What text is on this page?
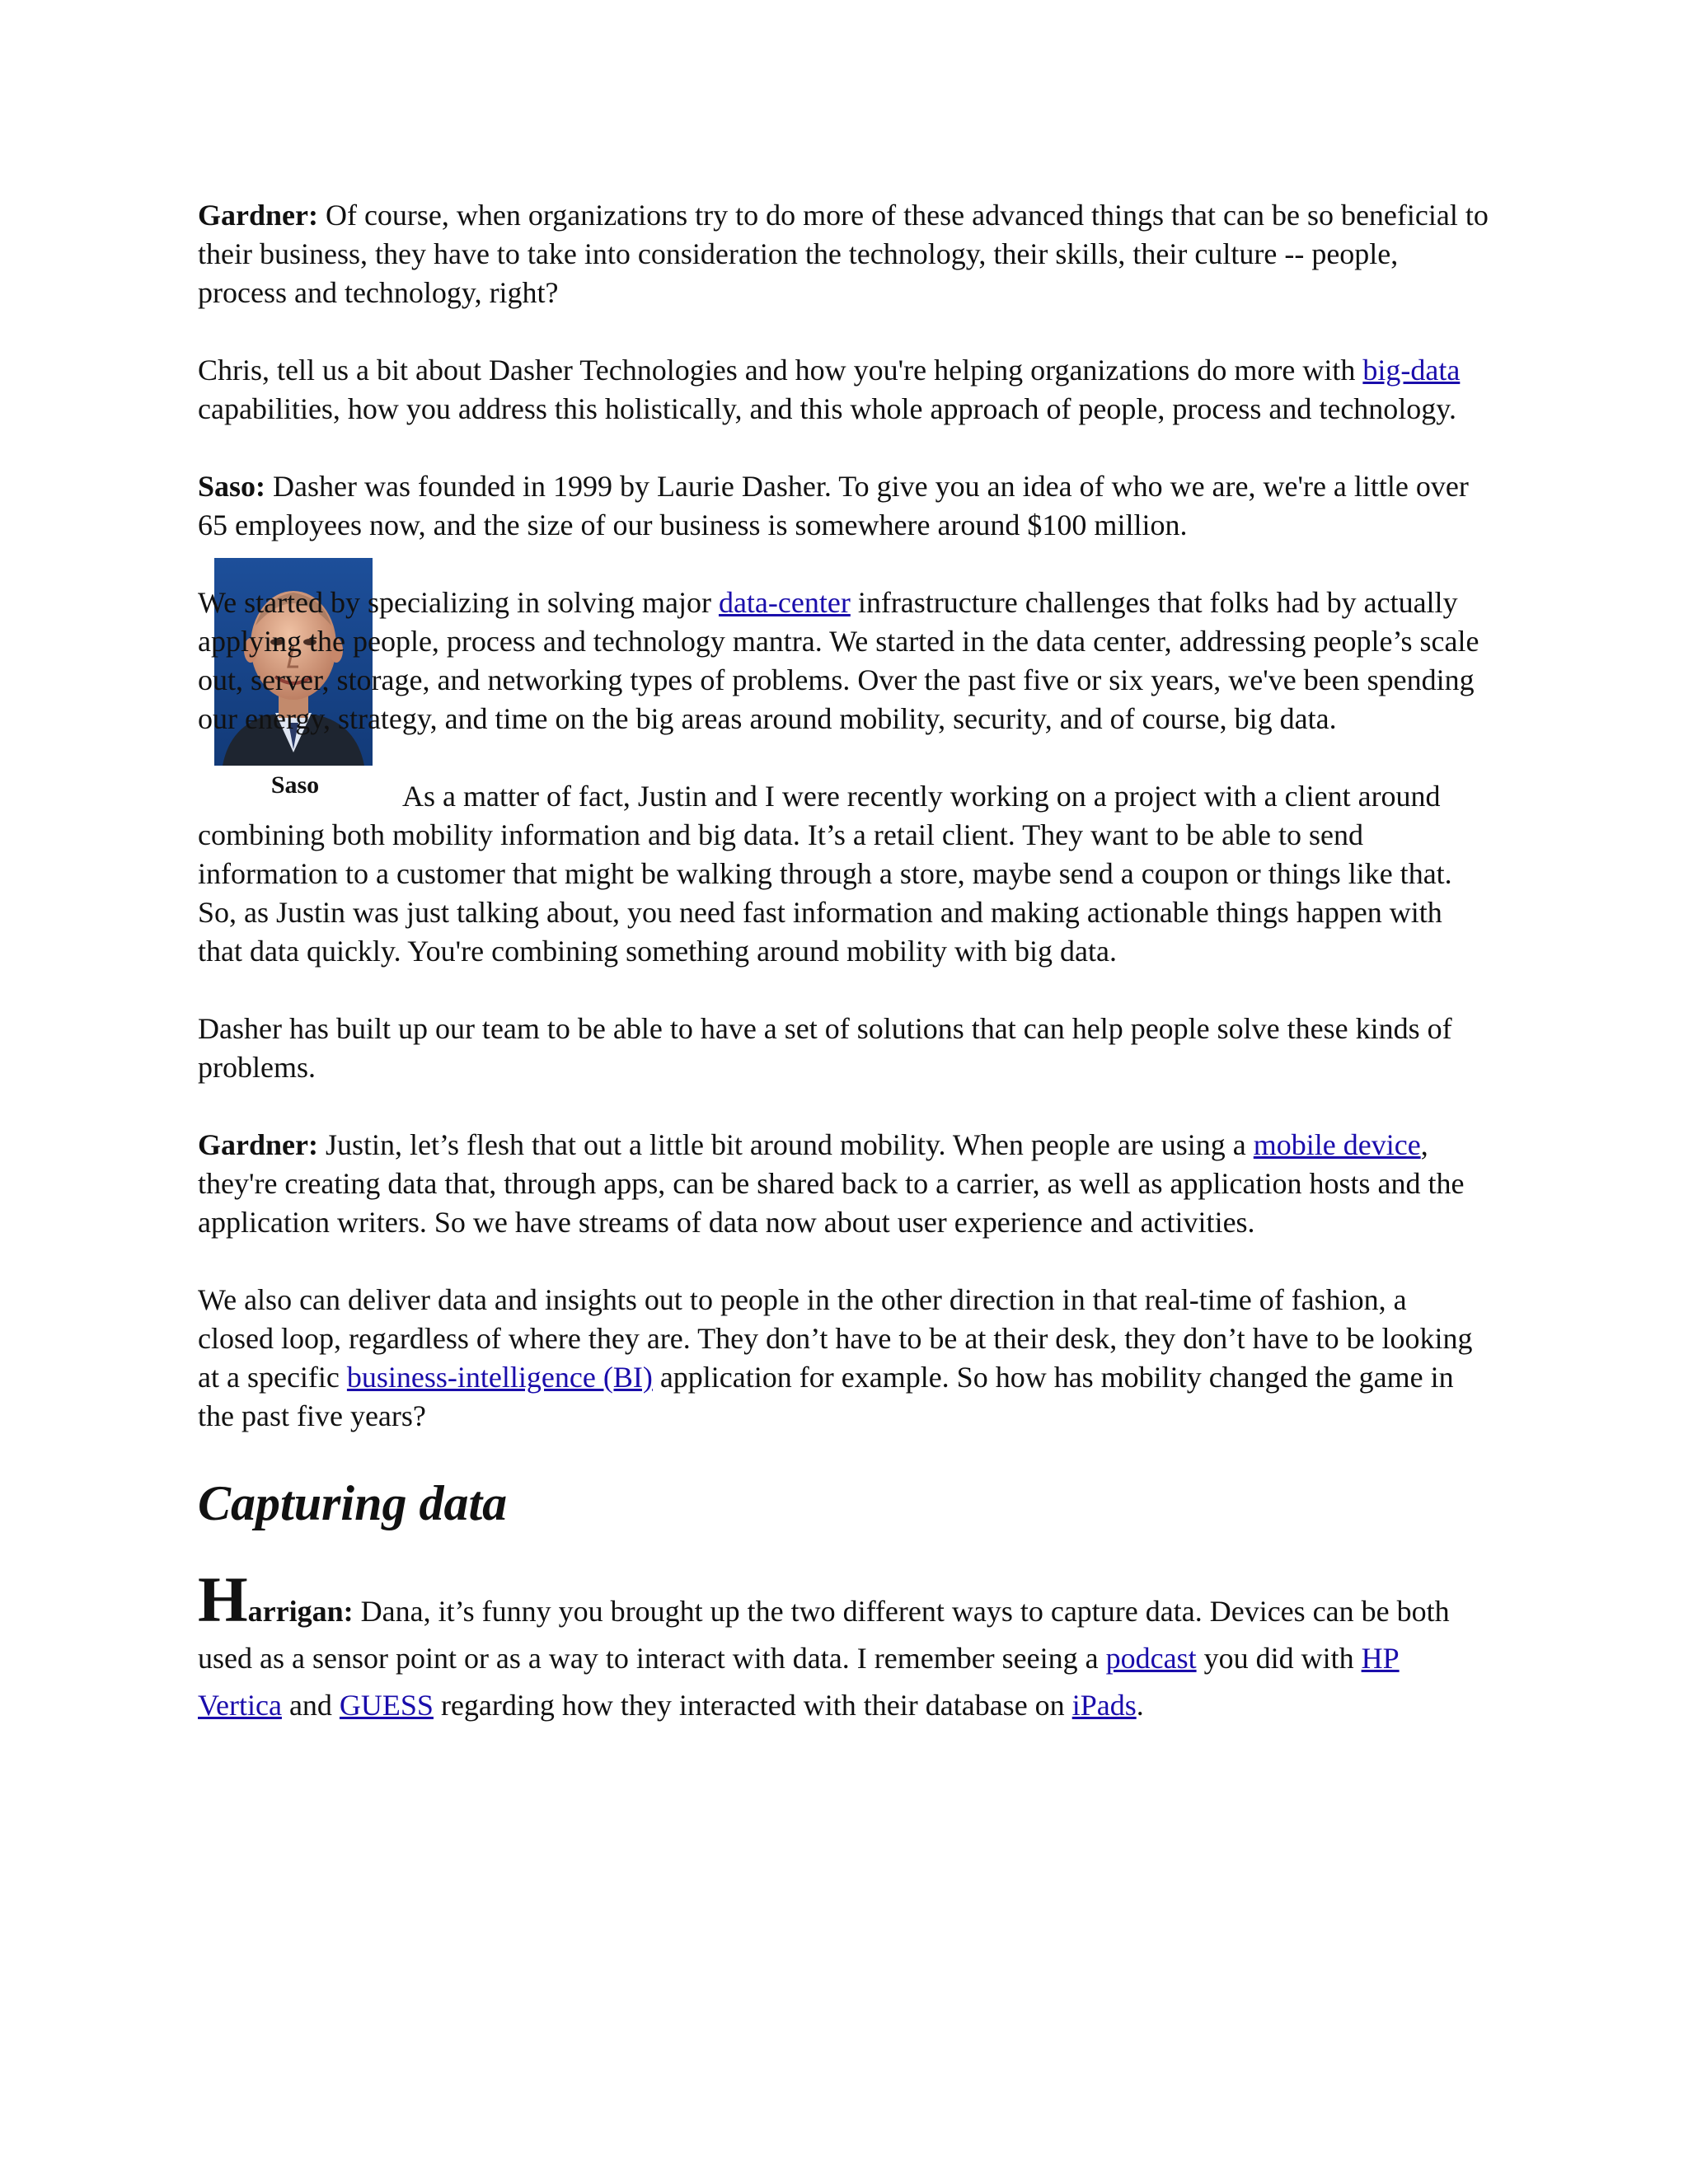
Gardner: Of course, when organizations try to do more of these advanced things that can be so beneficial to their business, they have to take into consideration the technology, their skills, their culture -- people, process and technology, right?

Chris, tell us a bit about Dasher Technologies and how you're helping organizations do more with big-data capabilities, how you address this holistically, and this whole approach of people, process and technology.

Saso: Dasher was founded in 1999 by Laurie Dasher. To give you an idea of who we are, we're a little over 65 employees now, and the size of our business is somewhere around $100 million.

We started by specializing in solving major data-center infrastructure challenges that folks had by actually applying the people, process and technology mantra. We started in the data center, addressing people’s scale out, server, storage, and networking types of problems. Over the past five or six years, we've been spending our energy, strategy, and time on the big areas around mobility, security, and of course, big data.

Saso	As a matter of fact, Justin and I were recently working on a project with a client around combining both mobility information and big data. It’s a retail client. They want to be able to send information to a customer that might be walking through a store, maybe send a coupon or things like that. So, as Justin was just talking about, you need fast information and making actionable things happen with that data quickly. You're combining something around mobility with big data.

Dasher has built up our team to be able to have a set of solutions that can help people solve these kinds of problems.

Gardner: Justin, let’s flesh that out a little bit around mobility. When people are using a mobile device, they're creating data that, through apps, can be shared back to a carrier, as well as application hosts and the application writers. So we have streams of data now about user experience and activities.

We also can deliver data and insights out to people in the other direction in that real-time of fashion, a closed loop, regardless of where they are. They don’t have to be at their desk, they don’t have to be looking at a specific business-intelligence (BI) application for example. So how has mobility changed the game in the past five years?

Capturing data

Harrigan: Dana, it’s funny you brought up the two different ways to capture data. Devices can be both used as a sensor point or as a way to interact with data. I remember seeing a podcast you did with HP Vertica and GUESS regarding how they interacted with their database on iPads.
